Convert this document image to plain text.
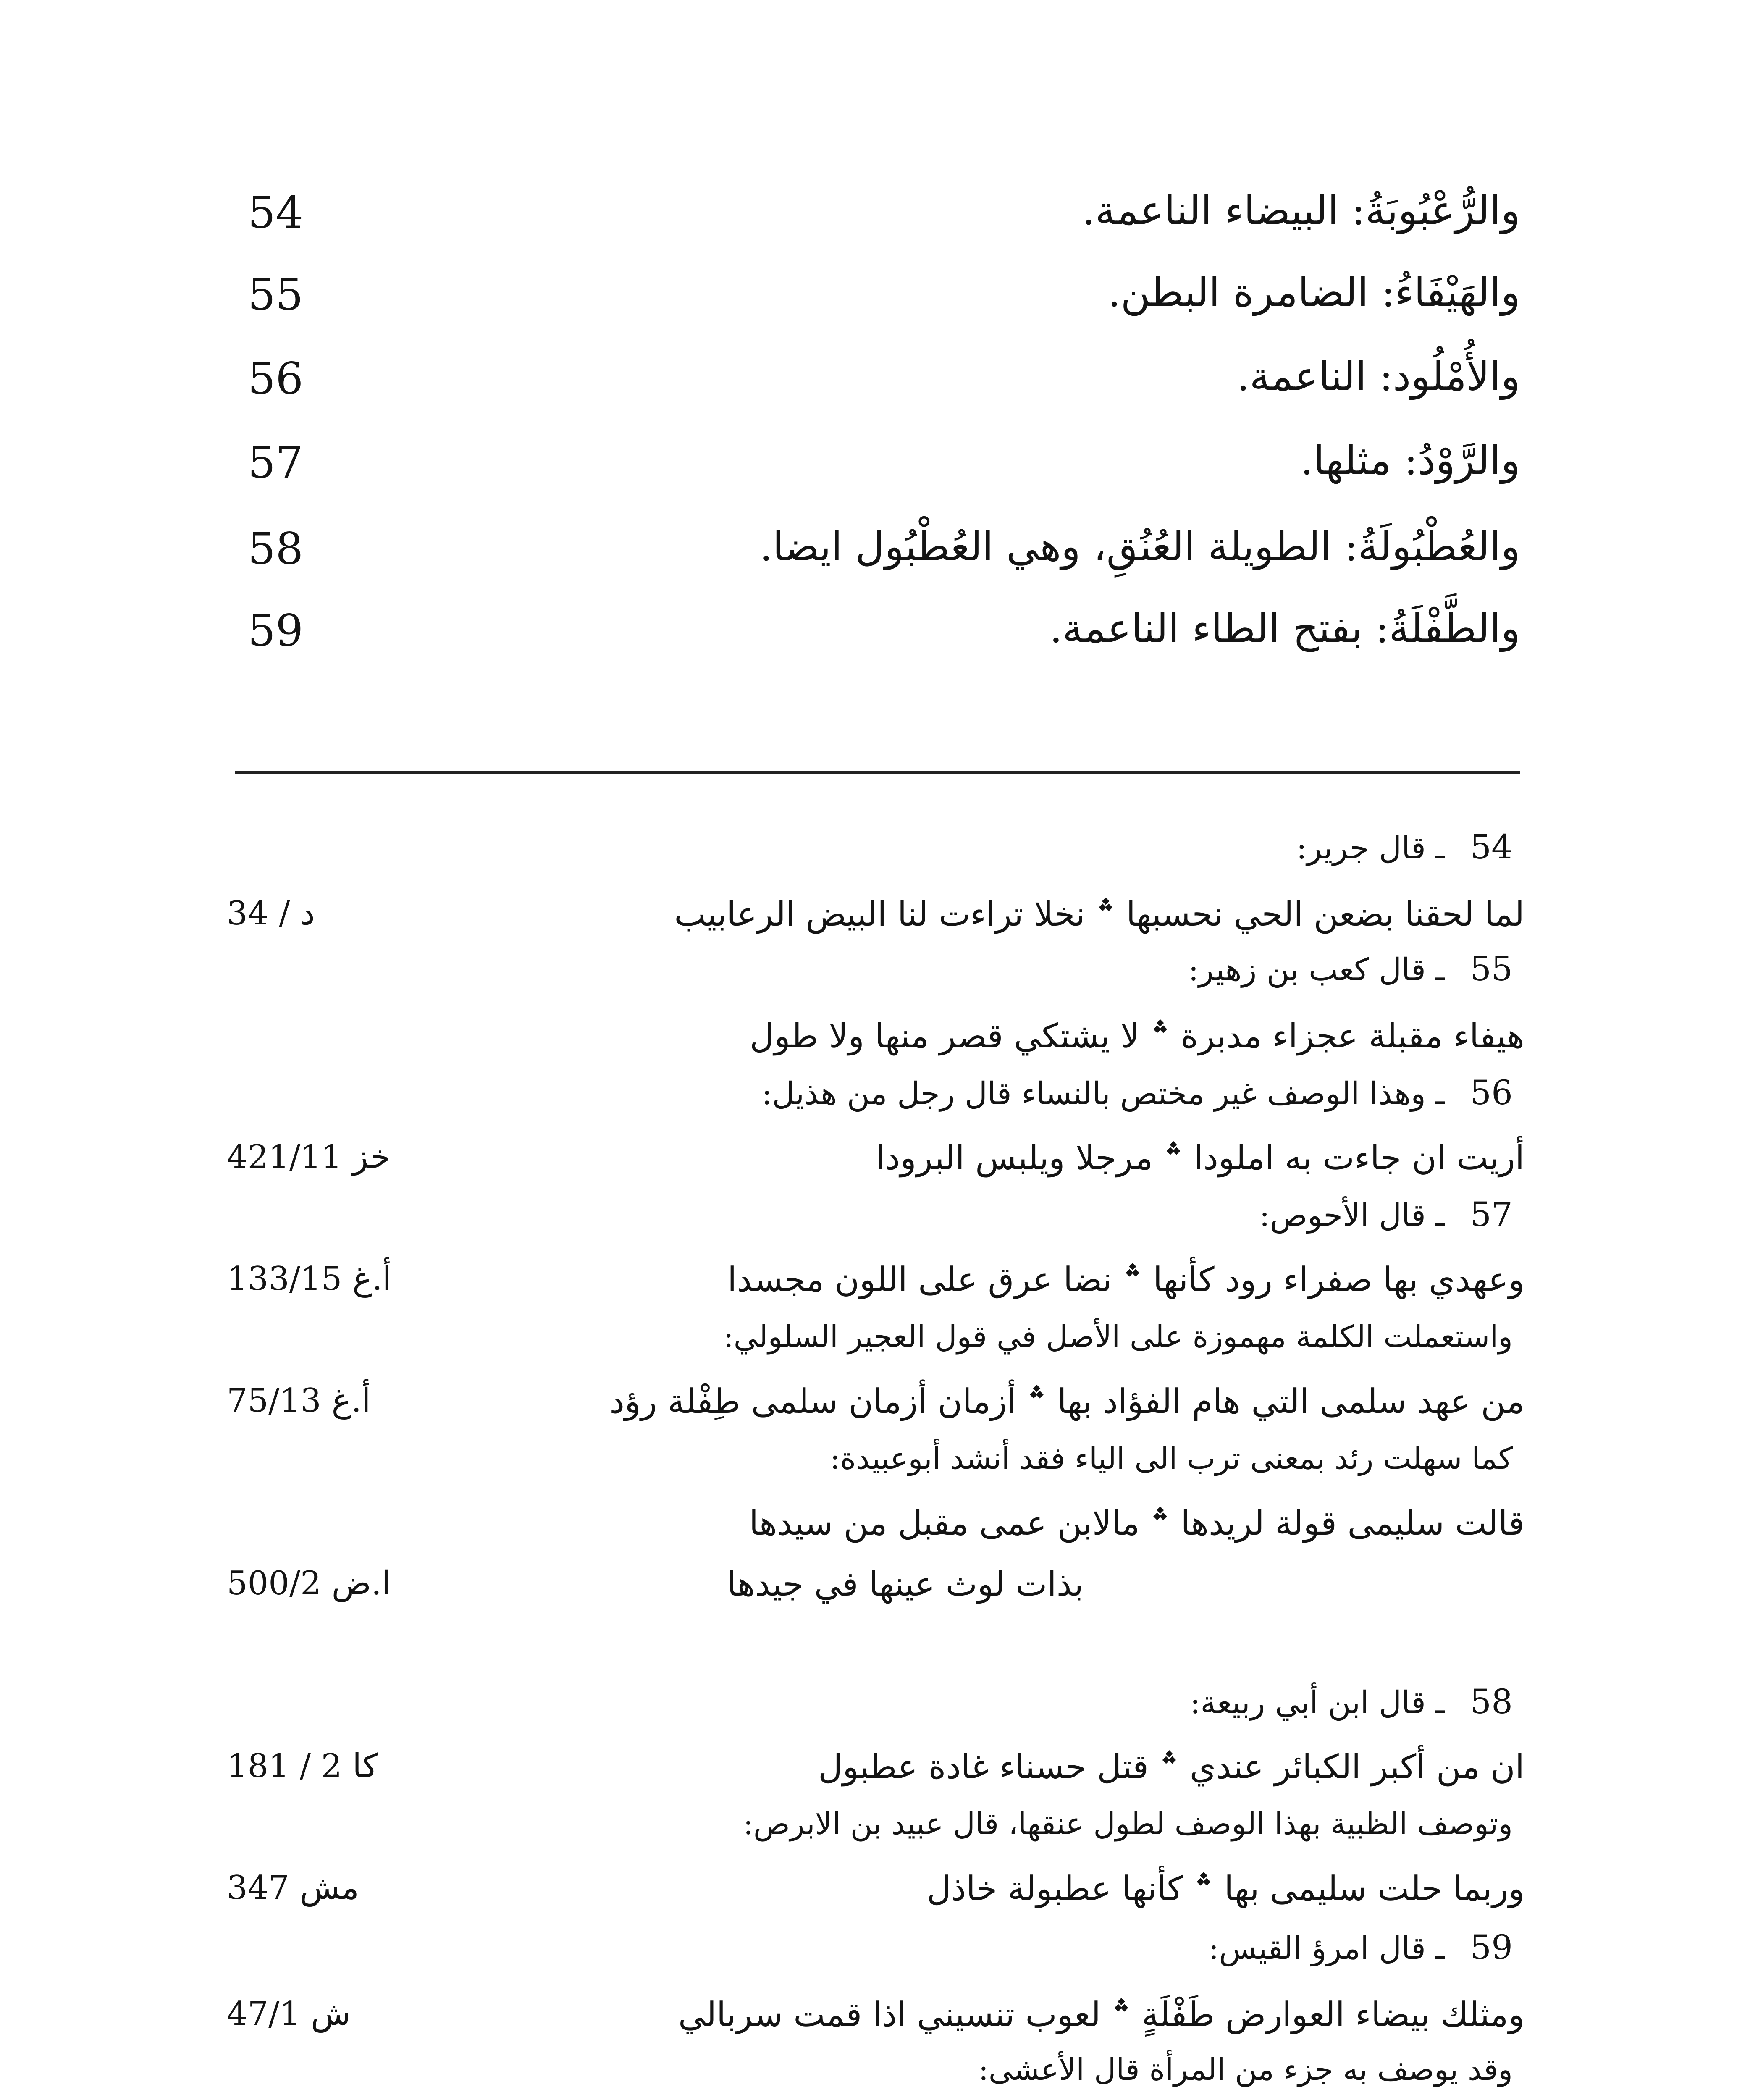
54	والرُّعْبُوبَةُ: البيضاء الناعمة.
55	والهَيْفَاءُ: الضامرة البطن.
56	والأُمْلُود: الناعمة.
57	والرَّوْدُ: مثلها.
58	والعُطْبُولَةُ: الطويلة العُنُقِ، وهي العُطْبُول ايضا.
59	والطَّفْلَةُ: بفتح الطاء الناعمة.
54ـ قال جرير:
د / 34	لما لحقنا بضعن الحي نحسبها ؞ نخلا تراءت لنا البيض الرعابيب
55ـ قال كعب بن زهير:
هيفاء مقبلة عجزاء مدبرة ؞ لا يشتكي قصر منها ولا طول
56ـ وهذا الوصف غير مختص بالنساء قال رجل من هذيل:
خز 421/11	أريت ان جاءت به املودا ؞ مرجلا ويلبس البرودا
57ـ قال الأحوص:
أ.غ 133/15	وعهدي بها صفراء رود كأنها ؞ نضا عرق على اللون مجسدا
واستعملت الكلمة مهموزة على الأصل في قول العجير السلولي:
أ.غ 75/13	من عهد سلمى التي هام الفؤاد بها ؞ أزمان أزمان سلمى طِفْلة رؤد
كما سهلت رئد بمعنى ترب الى الياء فقد أنشد أبوعبيدة:
قالت سليمى قولة لريدها ؞ مالابن عمى مقبل من سيدها
ا.ض 500/2	بذات لوث عينها في جيدها
58ـ قال ابن أبي ربيعة:
كا 2 / 181	ان من أكبر الكبائر عندي ؞ قتل حسناء غادة عطبول
وتوصف الظبية بهذا الوصف لطول عنقها، قال عبيد بن الابرص:
مش 347	وربما حلت سليمى بها ؞ كأنها عطبولة خاذل
59ـ قال امرؤ القيس:
ش 47/1	ومثلك بيضاء العوارض طَفْلَةٍ ؞ لعوب تنسيني اذا قمت سربالي
وقد يوصف به جزء من المرأة قال الأعشى:
